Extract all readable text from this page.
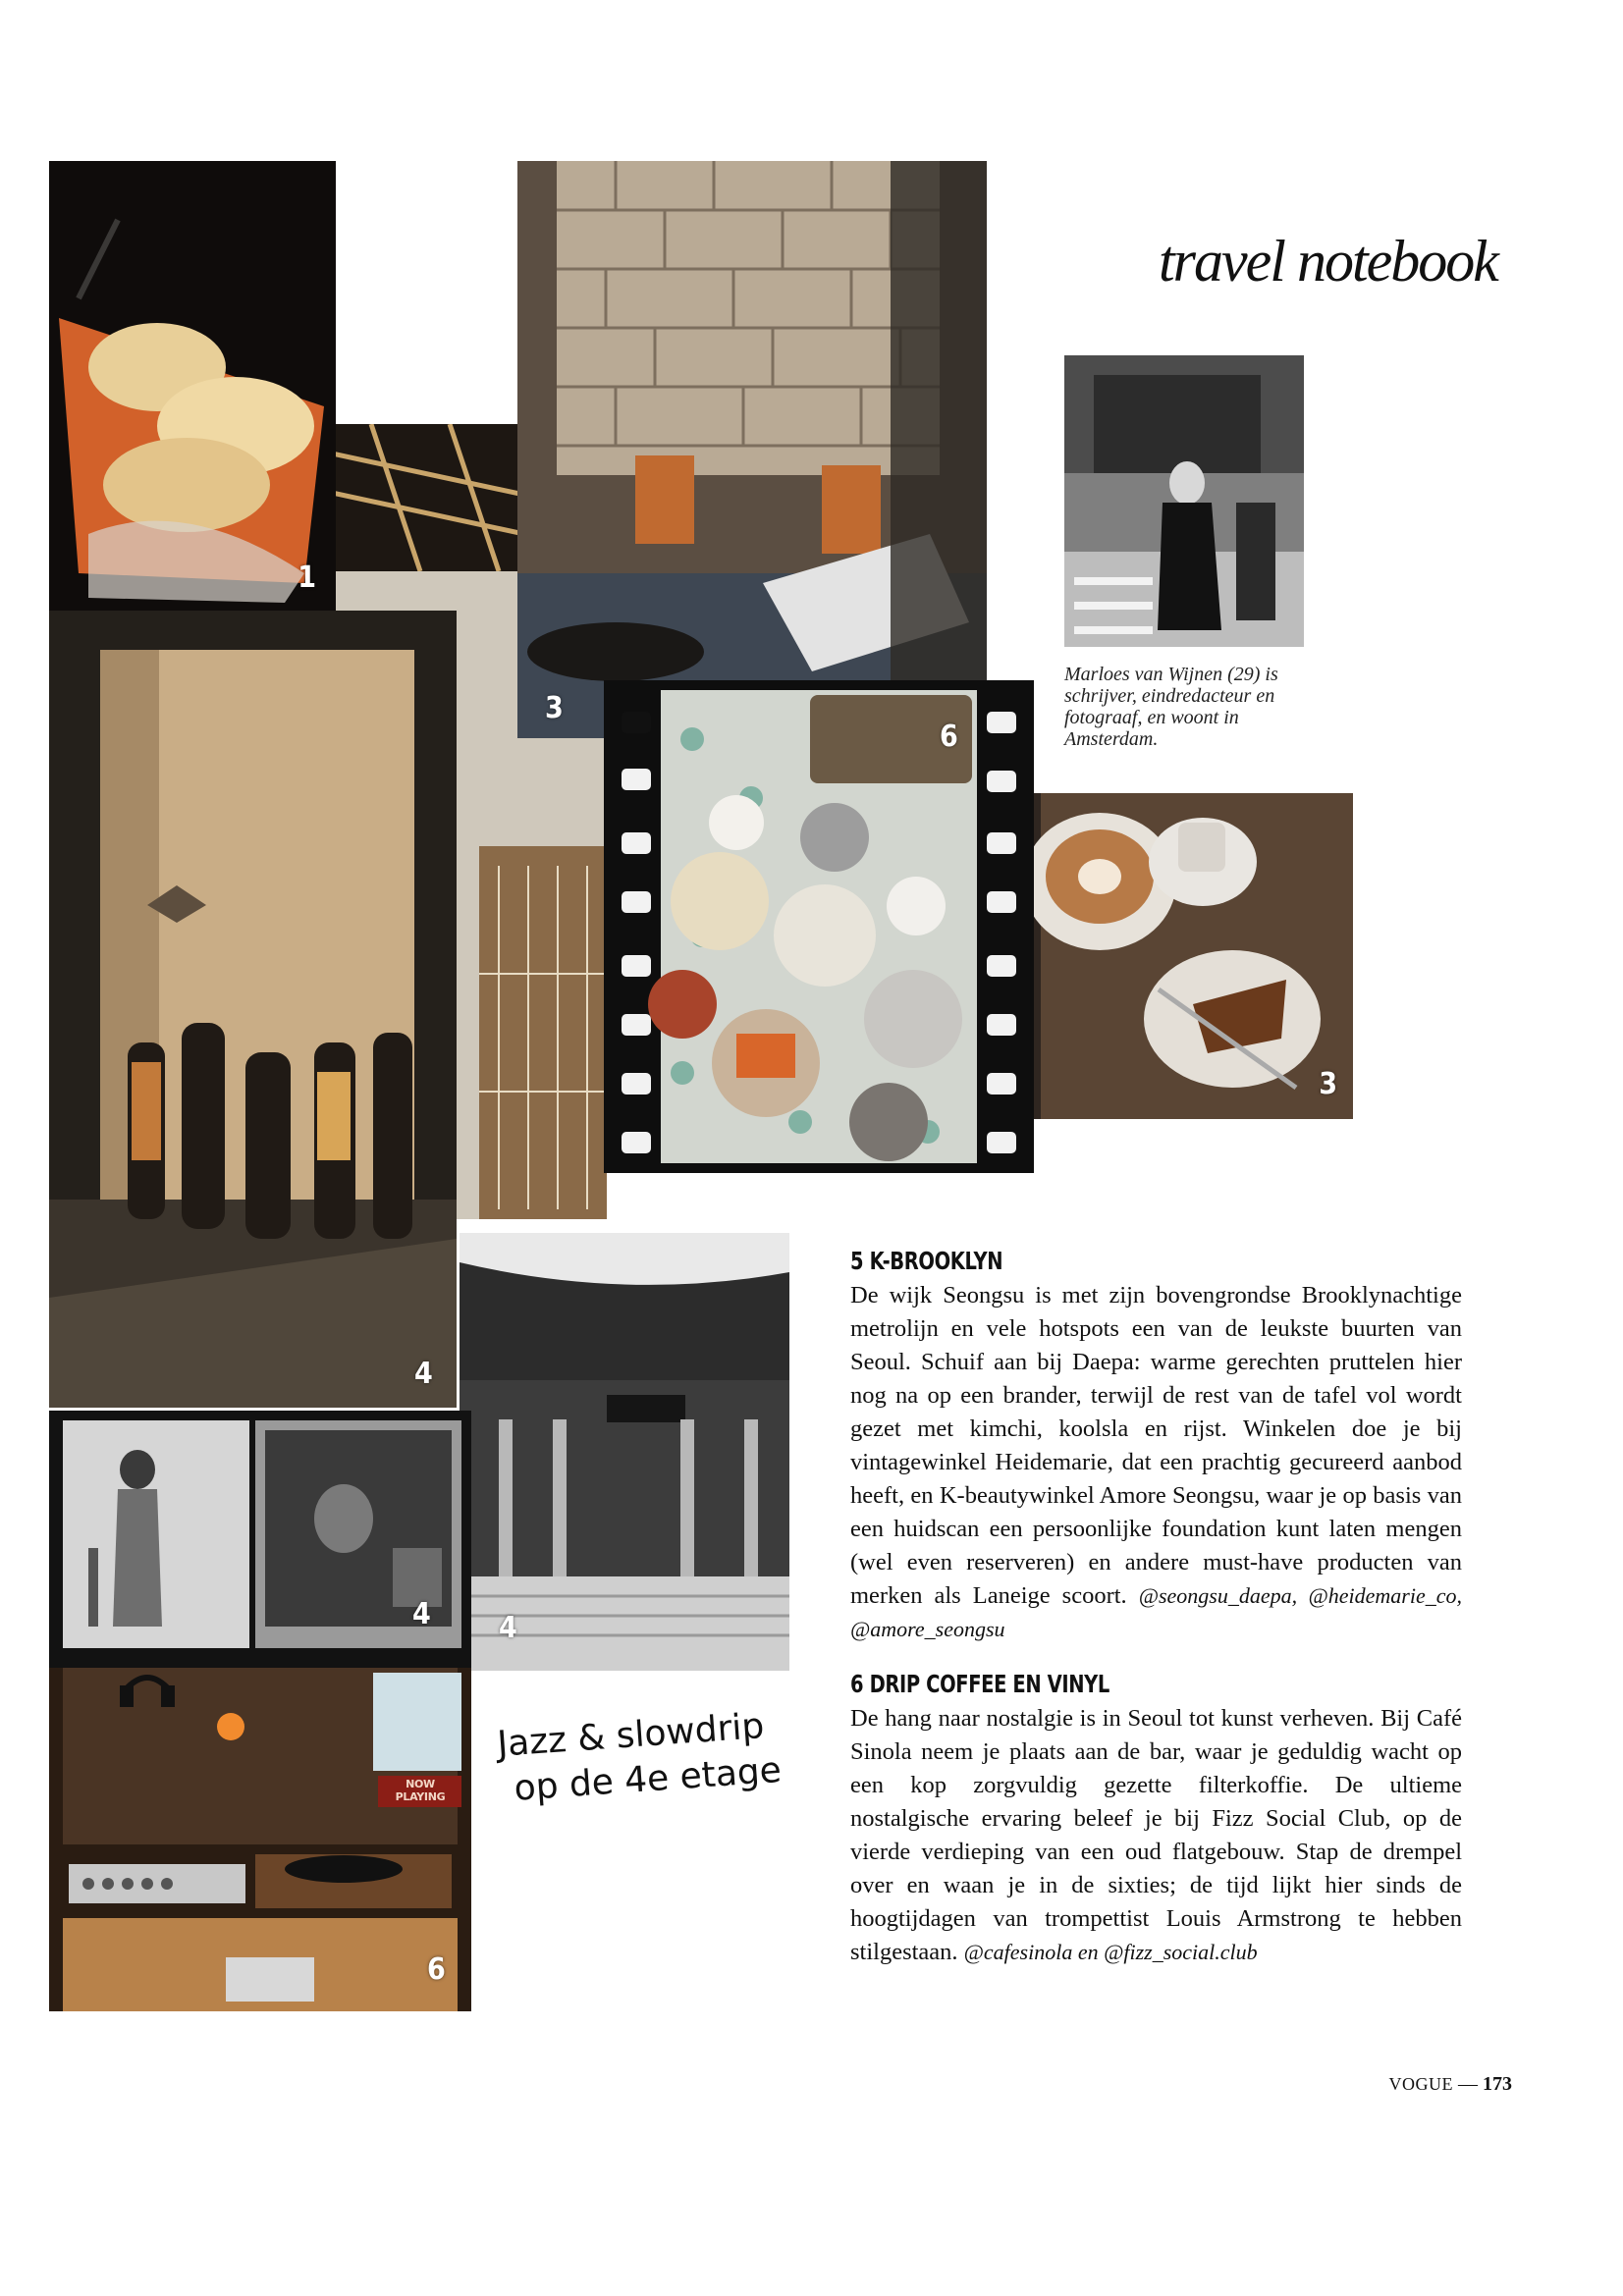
travel notebook
1
3
4
3
6
4
4
NOW PLAYING
6
Marloes van Wijnen (29) is schrijver, eindredacteur en fotograaf, en woont in Amsterdam.
Jazz & slowdrip
op de 4e etage
5 K-BROOKLYN
De wijk Seongsu is met zijn bovengrondse Brooklynachtige metrolijn en vele hotspots een van de leukste buurten van Seoul. Schuif aan bij Daepa: warme gerechten pruttelen hier nog na op een brander, terwijl de rest van de tafel vol wordt gezet met kimchi, koolsla en rijst. Winkelen doe je bij vintagewinkel Heidemarie, dat een prachtig gecureerd aanbod heeft, en K-beautywinkel Amore Seongsu, waar je op basis van een huidscan een persoonlijke foundation kunt laten mengen (wel even reserveren) en andere must-have producten van merken als Laneige scoort. @seongsu_daepa, @heidemarie_co, @amore_seongsu
6 DRIP COFFEE EN VINYL
De hang naar nostalgie is in Seoul tot kunst verheven. Bij Café Sinola neem je plaats aan de bar, waar je geduldig wacht op een kop zorgvuldig gezette filterkoffie. De ultieme nostalgische ervaring beleef je bij Fizz Social Club, op de vierde verdieping van een oud flatgebouw. Stap de drempel over en waan je in de sixties; de tijd lijkt hier sinds de hoogtijdagen van trompettist Louis Armstrong te hebben stilgestaan. @cafesinola en @fizz_social.club
VOGUE — 173
